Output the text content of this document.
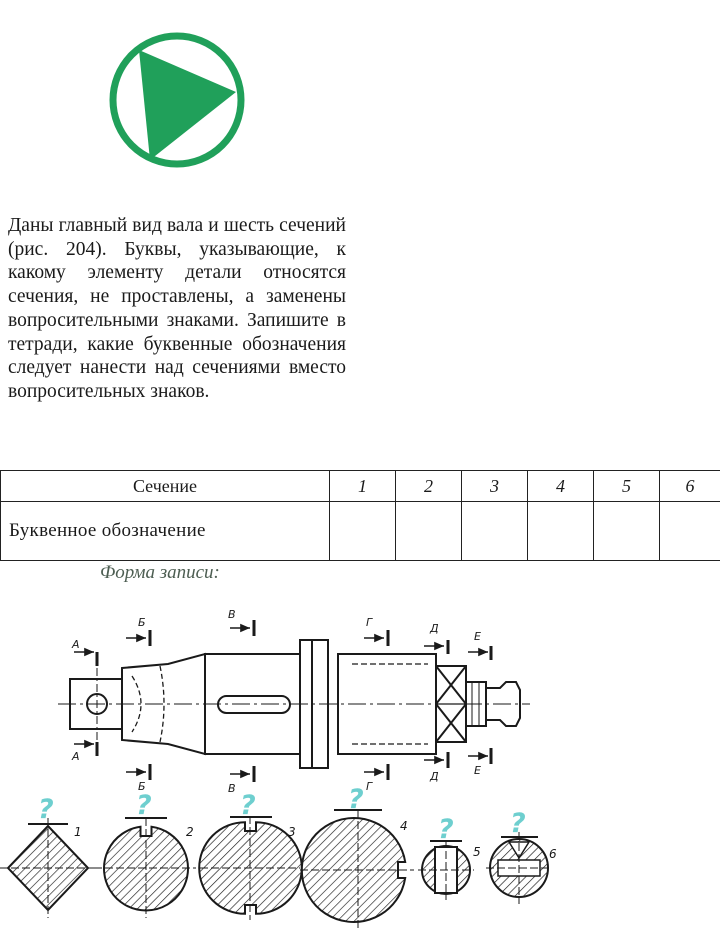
Даны главный вид вала и шесть сечений (рис. 204). Буквы, указывающие, к какому элементу детали относятся сечения, не проставлены, а заменены вопросительными знаками. Запишите в тетради, какие буквенные обозначения следует нанести над сечениями вместо вопросительных знаков.
Сечение	1	2	3	4	5	6
Буквенное обозначение						
Форма записи:
А
А
Б
Б
В
В
Г
Г
Д
Д
Е
Е
1	2	3	4
5	6
?	?	?	?
? ?
